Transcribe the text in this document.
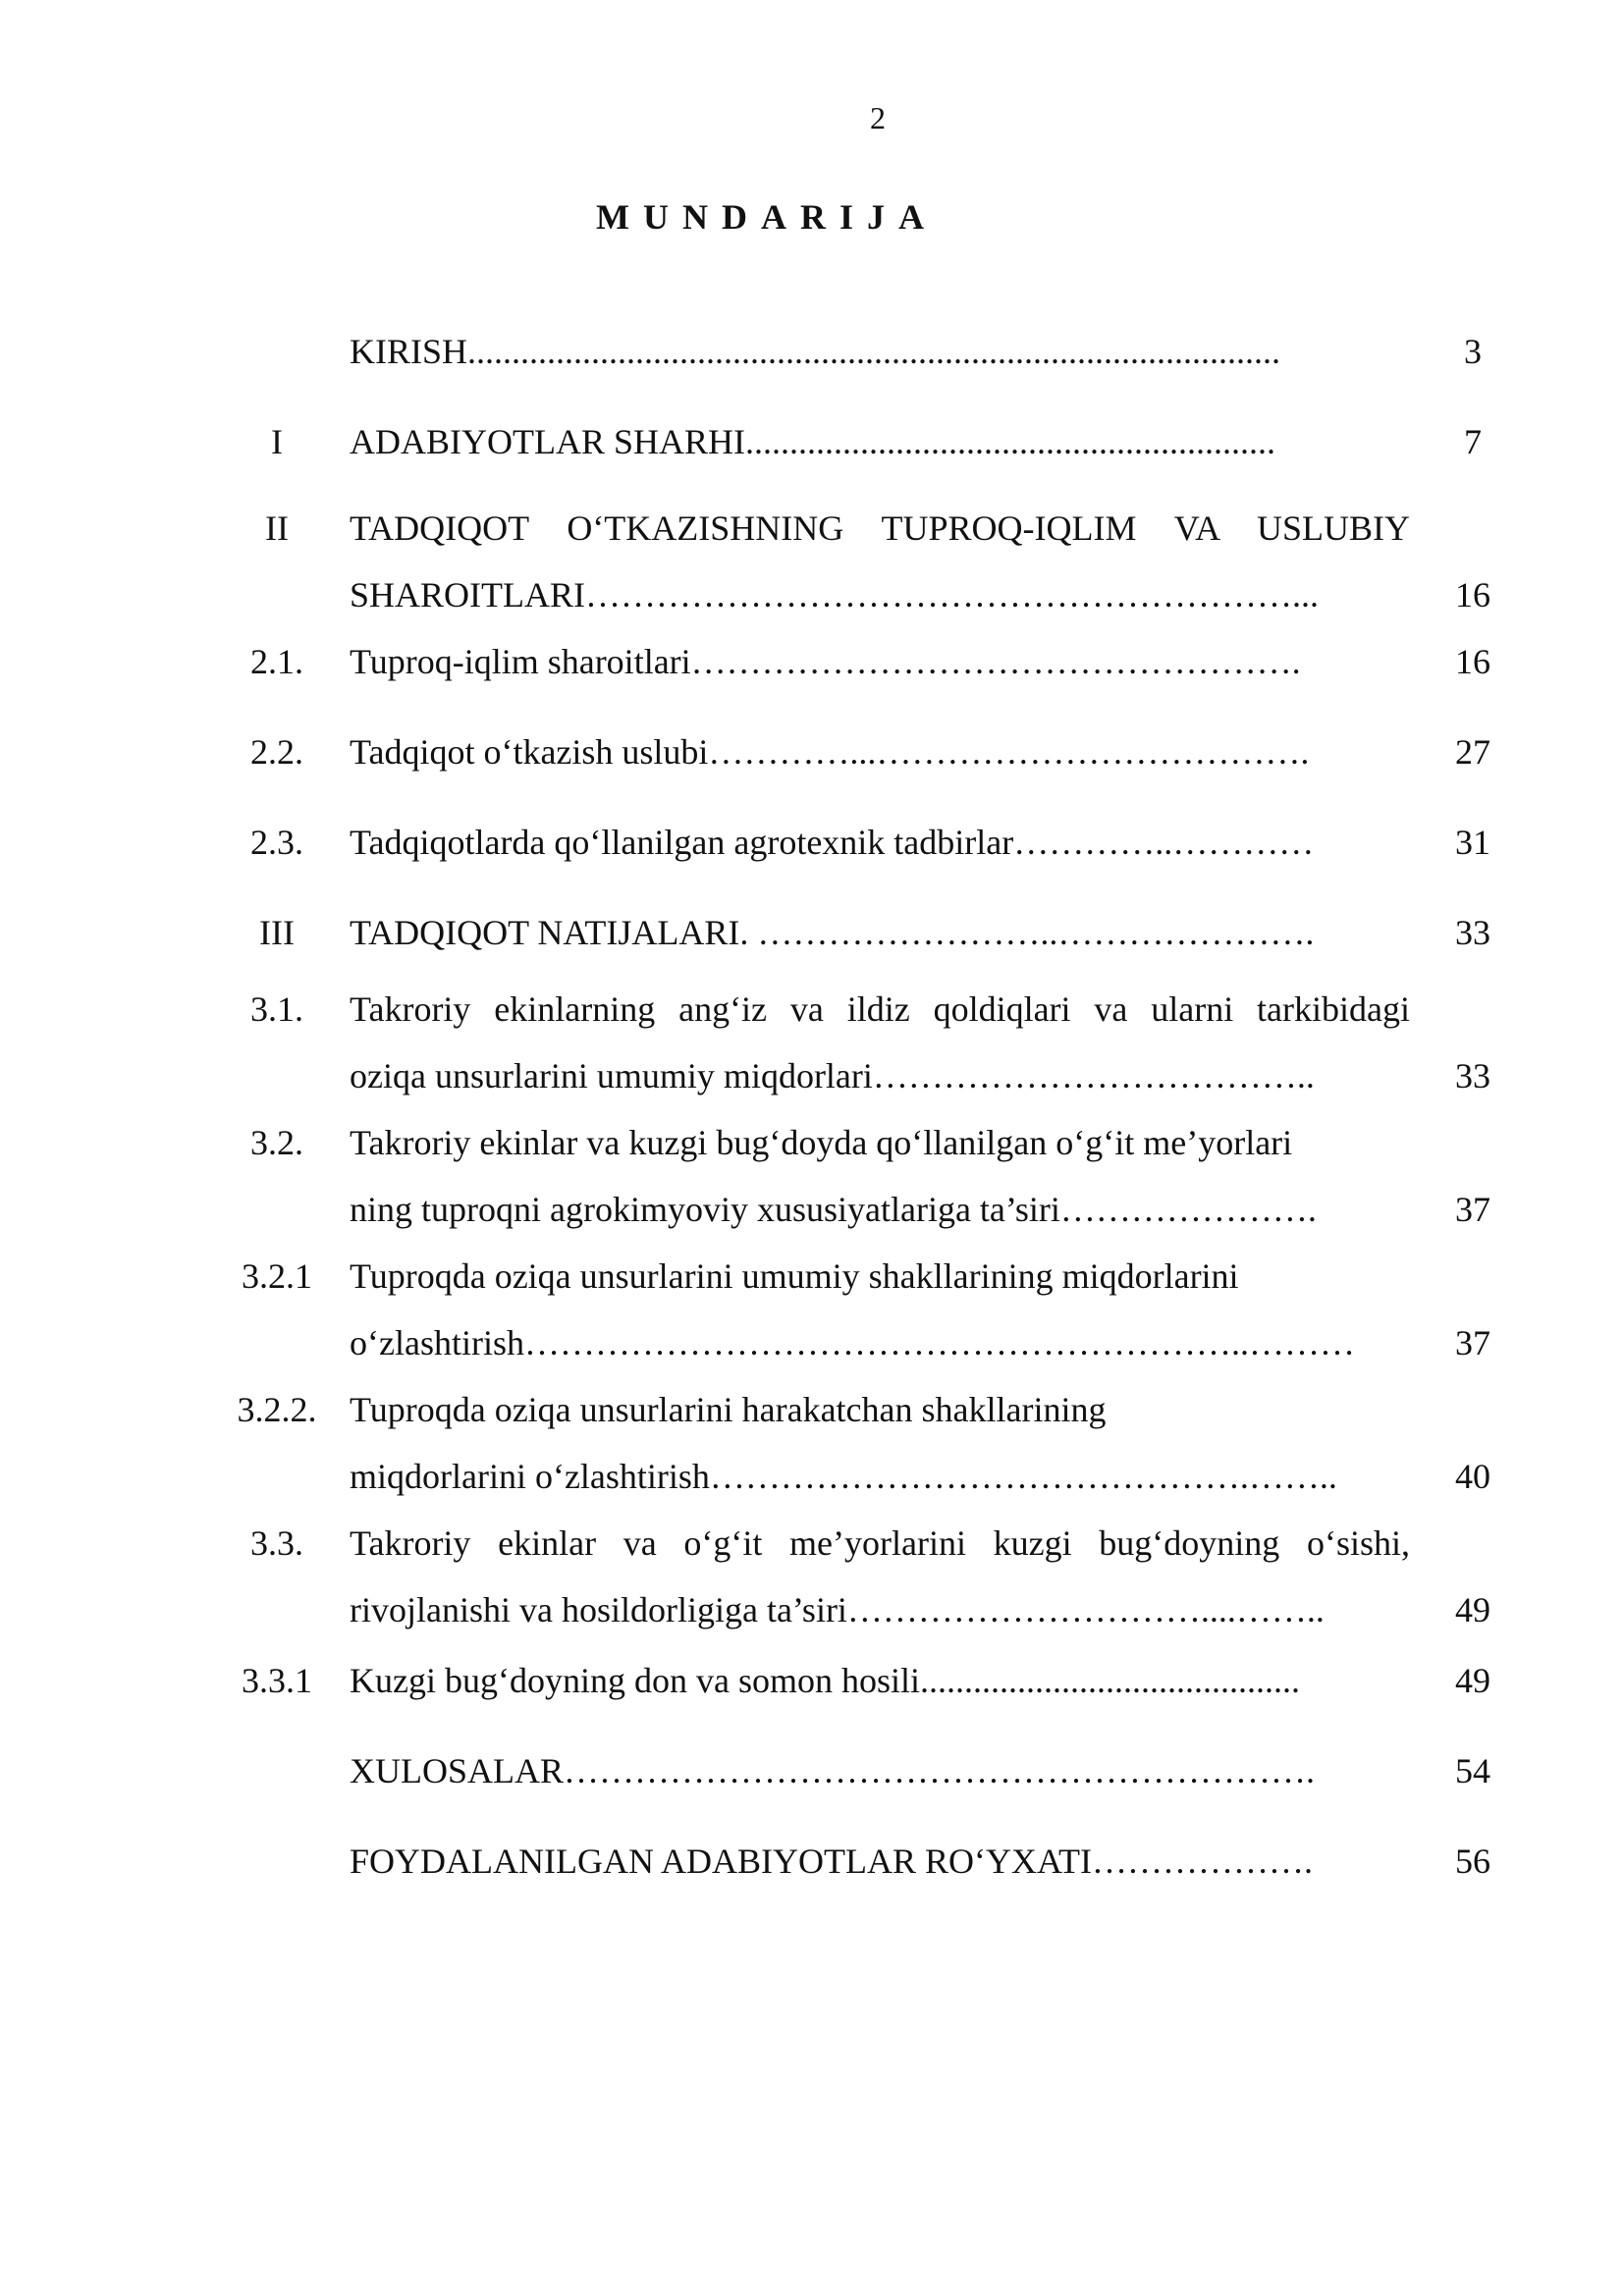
2
MUNDARIJA
KIRISH............................................................................................	3
I	ADABIYOTLAR SHARHI............................................................	7
II	TADQIQOT O‘TKAZISHNING TUPROQ-IQLIM VA USLUBIY
SHAROITLARI……………………………………………………...	16
2.1.	Tuproq-iqlim sharoitlari…………………………………………….	16
2.2.	Tadqiqot o‘tkazish uslubi…………...……………………………….	27
2.3.	Tadqiqotlarda qo‘llanilgan agrotexnik tadbirlar…………..…………	31
III	TADQIQOT NATIJALARI. ……………………..………………….	33
3.1.	Takroriy ekinlarning ang‘iz va ildiz qoldiqlari va ularni tarkibidagi
oziqa unsurlarini umumiy miqdorlari………………………………..	33
3.2.	Takroriy ekinlar va kuzgi bug‘doyda qo‘llanilgan o‘g‘it me’yorlari
ning tuproqni agrokimyoviy xususiyatlariga ta’siri………………….	37
3.2.1	Tuproqda oziqa unsurlarini umumiy shakllarining miqdorlarini
o‘zlashtirish……………………………………………………..………	37
3.2.2. Tuproqda oziqa unsurlarini harakatchan shakllarining
miqdorlarini o‘zlashtirish……………………………………….……..	40
3.3.	Takroriy ekinlar va o‘g‘it me’yorlarini kuzgi bug‘doyning o‘sishi,
rivojlanishi va hosildorligiga ta’siri…………………………....……..	49
3.3.1	Kuzgi bug‘doyning don va somon hosili...........................................	49
XULOSALAR……………………………………………………….	54
FOYDALANILGAN ADABIYOTLAR RO‘YXATI……………….	56
